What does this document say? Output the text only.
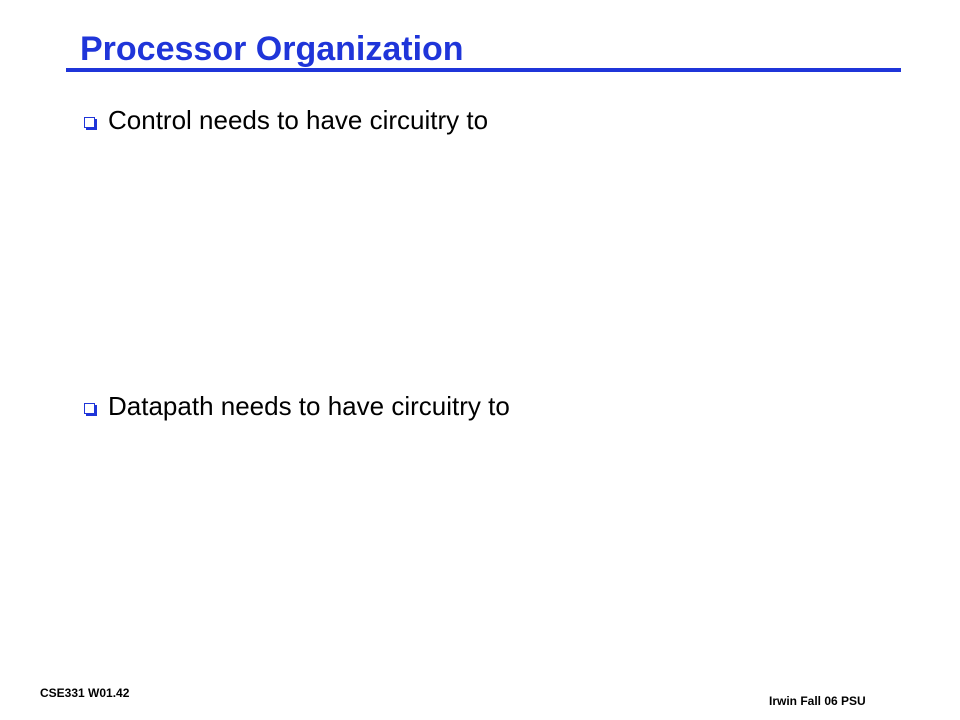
Processor Organization
Control needs to have circuitry to
Datapath needs to have circuitry to
CSE331 W01.42
Irwin Fall 06 PSU
